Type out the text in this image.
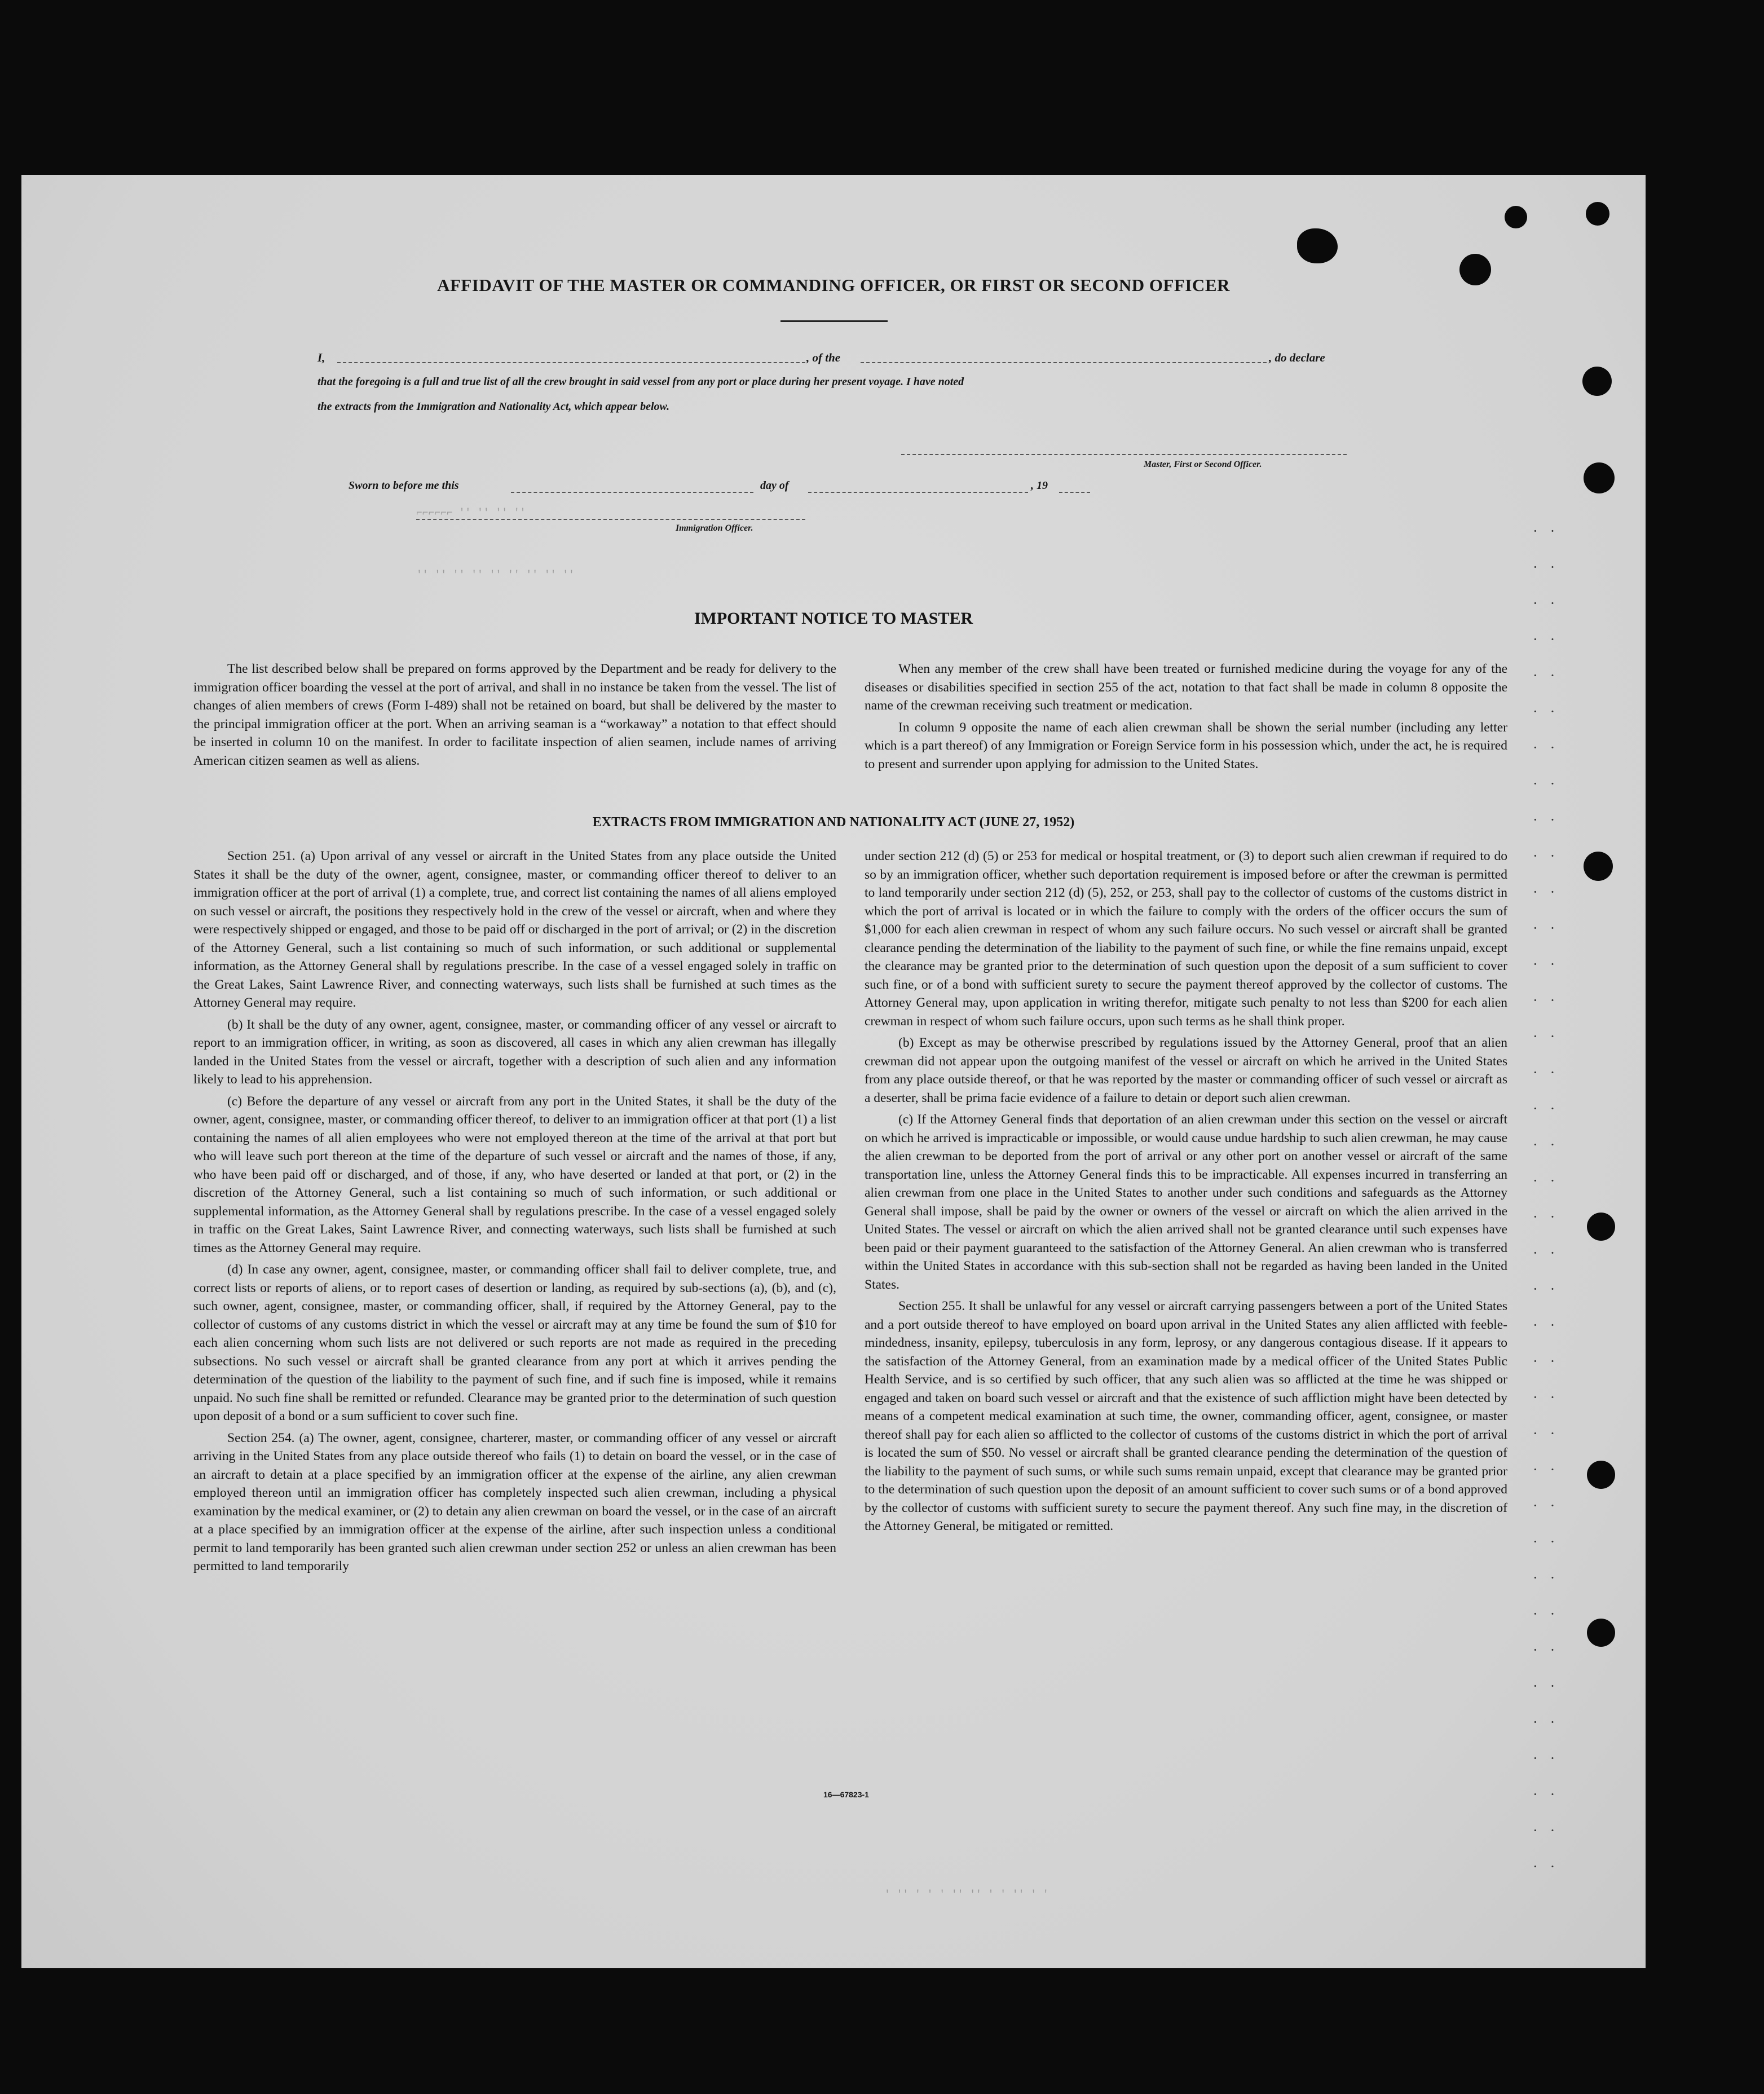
·· ·· ·· ·· ·· ·· ·· ·· ·· ·· ·· ·· ·· ·· ·· ·· ·· ·· ·· ·· ·· ·· ·· ·· ·· ·· ·· ·· ·· ·· ·· ·· ·· ·· ·· ·· ·· ··
AFFIDAVIT OF THE MASTER OR COMMANDING OFFICER, OR FIRST OR SECOND OFFICER
I,	, of the	, do declare
that the foregoing is a full and true list of all the crew brought in said vessel from any port or place during her present voyage. I have noted
the extracts from the Immigration and Nationality Act, which appear below.
Master, First or Second Officer.
Sworn to before me this	day of	, 19
Immigration Officer.
⌐⌐⌐⌐⌐⌐ '' '' '' ''
'' '' '' '' '' '' '' '' ''
' '' ' ' ' '' '' ' ' '' ' '
IMPORTANT NOTICE TO MASTER

The list described below shall be prepared on forms approved by the Department and be ready for delivery to the immigration officer boarding the vessel at the port of arrival, and shall in no instance be taken from the vessel. The list of changes of alien members of crews (Form I-489) shall not be retained on board, but shall be delivered by the master to the principal immigration officer at the port. When an arriving seaman is a “workaway” a notation to that effect should be inserted in column 10 on the manifest. In order to facilitate inspection of alien seamen, include names of arriving American citizen seamen as well as aliens.

When any member of the crew shall have been treated or furnished medicine during the voyage for any of the diseases or disabilities specified in section 255 of the act, notation to that fact shall be made in column 8 opposite the name of the crewman receiving such treatment or medication.

In column 9 opposite the name of each alien crewman shall be shown the serial number (including any letter which is a part thereof) of any Immigration or Foreign Service form in his possession which, under the act, he is required to present and surrender upon applying for admission to the United States.

EXTRACTS FROM IMMIGRATION AND NATIONALITY ACT (JUNE 27, 1952)

Section 251. (a) Upon arrival of any vessel or aircraft in the United States from any place outside the United States it shall be the duty of the owner, agent, consignee, master, or commanding officer thereof to deliver to an immigration officer at the port of arrival (1) a complete, true, and correct list containing the names of all aliens employed on such vessel or aircraft, the positions they respectively hold in the crew of the vessel or aircraft, when and where they were respectively shipped or engaged, and those to be paid off or discharged in the port of arrival; or (2) in the discretion of the Attorney General, such a list containing so much of such information, or such additional or supplemental information, as the Attorney General shall by regulations prescribe. In the case of a vessel engaged solely in traffic on the Great Lakes, Saint Lawrence River, and connecting waterways, such lists shall be furnished at such times as the Attorney General may require.

(b) It shall be the duty of any owner, agent, consignee, master, or commanding officer of any vessel or aircraft to report to an immigration officer, in writing, as soon as discovered, all cases in which any alien crewman has illegally landed in the United States from the vessel or aircraft, together with a description of such alien and any information likely to lead to his apprehension.

(c) Before the departure of any vessel or aircraft from any port in the United States, it shall be the duty of the owner, agent, consignee, master, or commanding officer thereof, to deliver to an immigration officer at that port (1) a list containing the names of all alien employees who were not employed thereon at the time of the arrival at that port but who will leave such port thereon at the time of the departure of such vessel or aircraft and the names of those, if any, who have been paid off or discharged, and of those, if any, who have deserted or landed at that port, or (2) in the discretion of the Attorney General, such a list containing so much of such information, or such additional or supplemental information, as the Attorney General shall by regulations prescribe. In the case of a vessel engaged solely in traffic on the Great Lakes, Saint Lawrence River, and connecting waterways, such lists shall be furnished at such times as the Attorney General may require.

(d) In case any owner, agent, consignee, master, or commanding officer shall fail to deliver complete, true, and correct lists or reports of aliens, or to report cases of desertion or landing, as required by sub-sections (a), (b), and (c), such owner, agent, consignee, master, or commanding officer, shall, if required by the Attorney General, pay to the collector of customs of any customs district in which the vessel or aircraft may at any time be found the sum of $10 for each alien concerning whom such lists are not delivered or such reports are not made as required in the preceding subsections. No such vessel or aircraft shall be granted clearance from any port at which it arrives pending the determination of the question of the liability to the payment of such fine, and if such fine is imposed, while it remains unpaid. No such fine shall be remitted or refunded. Clearance may be granted prior to the determination of such question upon deposit of a bond or a sum sufficient to cover such fine.

Section 254. (a) The owner, agent, consignee, charterer, master, or commanding officer of any vessel or aircraft arriving in the United States from any place outside thereof who fails (1) to detain on board the vessel, or in the case of an aircraft to detain at a place specified by an immigration officer at the expense of the airline, any alien crewman employed thereon until an immigration officer has completely inspected such alien crewman, including a physical examination by the medical examiner, or (2) to detain any alien crewman on board the vessel, or in the case of an aircraft at a place specified by an immigration officer at the expense of the airline, after such inspection unless a conditional permit to land temporarily has been granted such alien crewman under section 252 or unless an alien crewman has been permitted to land temporarily

under section 212 (d) (5) or 253 for medical or hospital treatment, or (3) to deport such alien crewman if required to do so by an immigration officer, whether such deportation requirement is imposed before or after the crewman is permitted to land temporarily under section 212 (d) (5), 252, or 253, shall pay to the collector of customs of the customs district in which the port of arrival is located or in which the failure to comply with the orders of the officer occurs the sum of $1,000 for each alien crewman in respect of whom any such failure occurs. No such vessel or aircraft shall be granted clearance pending the determination of the liability to the payment of such fine, or while the fine remains unpaid, except the clearance may be granted prior to the determination of such question upon the deposit of a sum sufficient to cover such fine, or of a bond with sufficient surety to secure the payment thereof approved by the collector of customs. The Attorney General may, upon application in writing therefor, mitigate such penalty to not less than $200 for each alien crewman in respect of whom such failure occurs, upon such terms as he shall think proper.

(b) Except as may be otherwise prescribed by regulations issued by the Attorney General, proof that an alien crewman did not appear upon the outgoing manifest of the vessel or aircraft on which he arrived in the United States from any place outside thereof, or that he was reported by the master or commanding officer of such vessel or aircraft as a deserter, shall be prima facie evidence of a failure to detain or deport such alien crewman.

(c) If the Attorney General finds that deportation of an alien crewman under this section on the vessel or aircraft on which he arrived is impracticable or impossible, or would cause undue hardship to such alien crewman, he may cause the alien crewman to be deported from the port of arrival or any other port on another vessel or aircraft of the same transportation line, unless the Attorney General finds this to be impracticable. All expenses incurred in transferring an alien crewman from one place in the United States to another under such conditions and safeguards as the Attorney General shall impose, shall be paid by the owner or owners of the vessel or aircraft on which the alien arrived in the United States. The vessel or aircraft on which the alien arrived shall not be granted clearance until such expenses have been paid or their payment guaranteed to the satisfaction of the Attorney General. An alien crewman who is transferred within the United States in accordance with this sub-section shall not be regarded as having been landed in the United States.

Section 255. It shall be unlawful for any vessel or aircraft carrying passengers between a port of the United States and a port outside thereof to have employed on board upon arrival in the United States any alien afflicted with feeble-mindedness, insanity, epilepsy, tuberculosis in any form, leprosy, or any dangerous contagious disease. If it appears to the satisfaction of the Attorney General, from an examination made by a medical officer of the United States Public Health Service, and is so certified by such officer, that any such alien was so afflicted at the time he was shipped or engaged and taken on board such vessel or aircraft and that the existence of such affliction might have been detected by means of a competent medical examination at such time, the owner, commanding officer, agent, consignee, or master thereof shall pay for each alien so afflicted to the collector of customs of the customs district in which the port of arrival is located the sum of $50. No vessel or aircraft shall be granted clearance pending the determination of the question of the liability to the payment of such sums, or while such sums remain unpaid, except that clearance may be granted prior to the determination of such question upon the deposit of an amount sufficient to cover such sums or of a bond approved by the collector of customs with sufficient surety to secure the payment thereof. Any such fine may, in the discretion of the Attorney General, be mitigated or remitted.

16—67823-1
